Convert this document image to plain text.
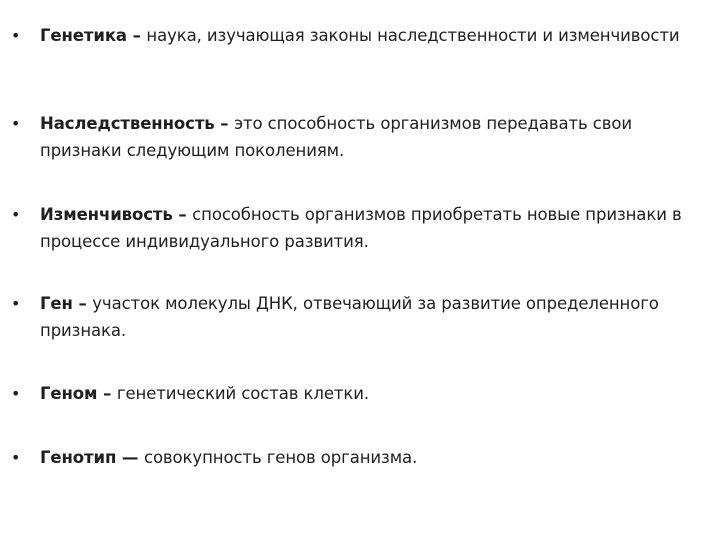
• Генетика – наука, изучающая законы наследственности и изменчивости
• Наследственность – это способность организмов передавать свои признаки следующим поколениям.
• Изменчивость – способность организмов приобретать новые признаки в процессе индивидуального развития.
• Ген – участок молекулы ДНК, отвечающий за развитие определенного признака.
• Геном – генетический состав клетки.
• Генотип — совокупность генов организма.
